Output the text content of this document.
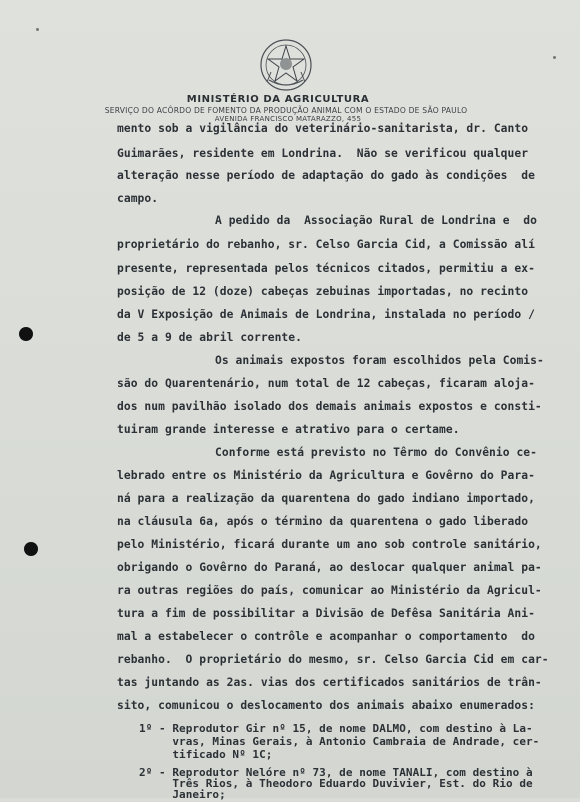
MINISTÉRIO DA AGRICULTURA
SERVIÇO DO ACÔRDO DE FOMENTO DA PRODUÇÃO ANIMAL COM O ESTADO DE SÃO PAULO
AVENIDA FRANCISCO MATARAZZO, 455
mento sob a vigilância do veterinário-sanitarista, dr. Canto
Guimarães, residente em Londrina.  Não se verificou qualquer
alteração nesse período de adaptação do gado às condições  de
campo.
A pedido da  Associação Rural de Londrina e  do
proprietário do rebanho, sr. Celso Garcia Cid, a Comissão alí
presente, representada pelos técnicos citados, permitiu a ex-
posição de 12 (doze) cabeças zebuinas importadas, no recinto
da V Exposição de Animais de Londrina, instalada no período /
de 5 a 9 de abril corrente.
Os animais expostos foram escolhidos pela Comis-
são do Quarentenário, num total de 12 cabeças, ficaram aloja-
dos num pavilhão isolado dos demais animais expostos e consti-
tuiram grande interesse e atrativo para o certame.
Conforme está previsto no Têrmo do Convênio ce-
lebrado entre os Ministério da Agricultura e Govêrno do Para-
ná para a realização da quarentena do gado indiano importado,
na cláusula 6a, após o término da quarentena o gado liberado
pelo Ministério, ficará durante um ano sob controle sanitário,
obrigando o Govêrno do Paraná, ao deslocar qualquer animal pa-
ra outras regiões do país, comunicar ao Ministério da Agricul-
tura a fim de possibilitar a Divisão de Defêsa Sanitária Ani-
mal a estabelecer o contrôle e acompanhar o comportamento  do
rebanho.  O proprietário do mesmo, sr. Celso Garcia Cid em car-
tas juntando as 2as. vias dos certificados sanitários de trân-
sito, comunicou o deslocamento dos animais abaixo enumerados:
1º - Reprodutor Gir nº 15, de nome DALMO, com destino à La-
vras, Minas Gerais, à Antonio Cambraia de Andrade, cer-
tificado Nº 1C;
2º - Reprodutor Nelóre nº 73, de nome TANALI, com destino à
Três Rios, à Theodoro Eduardo Duvivier, Est. do Rio de
Janeiro;
